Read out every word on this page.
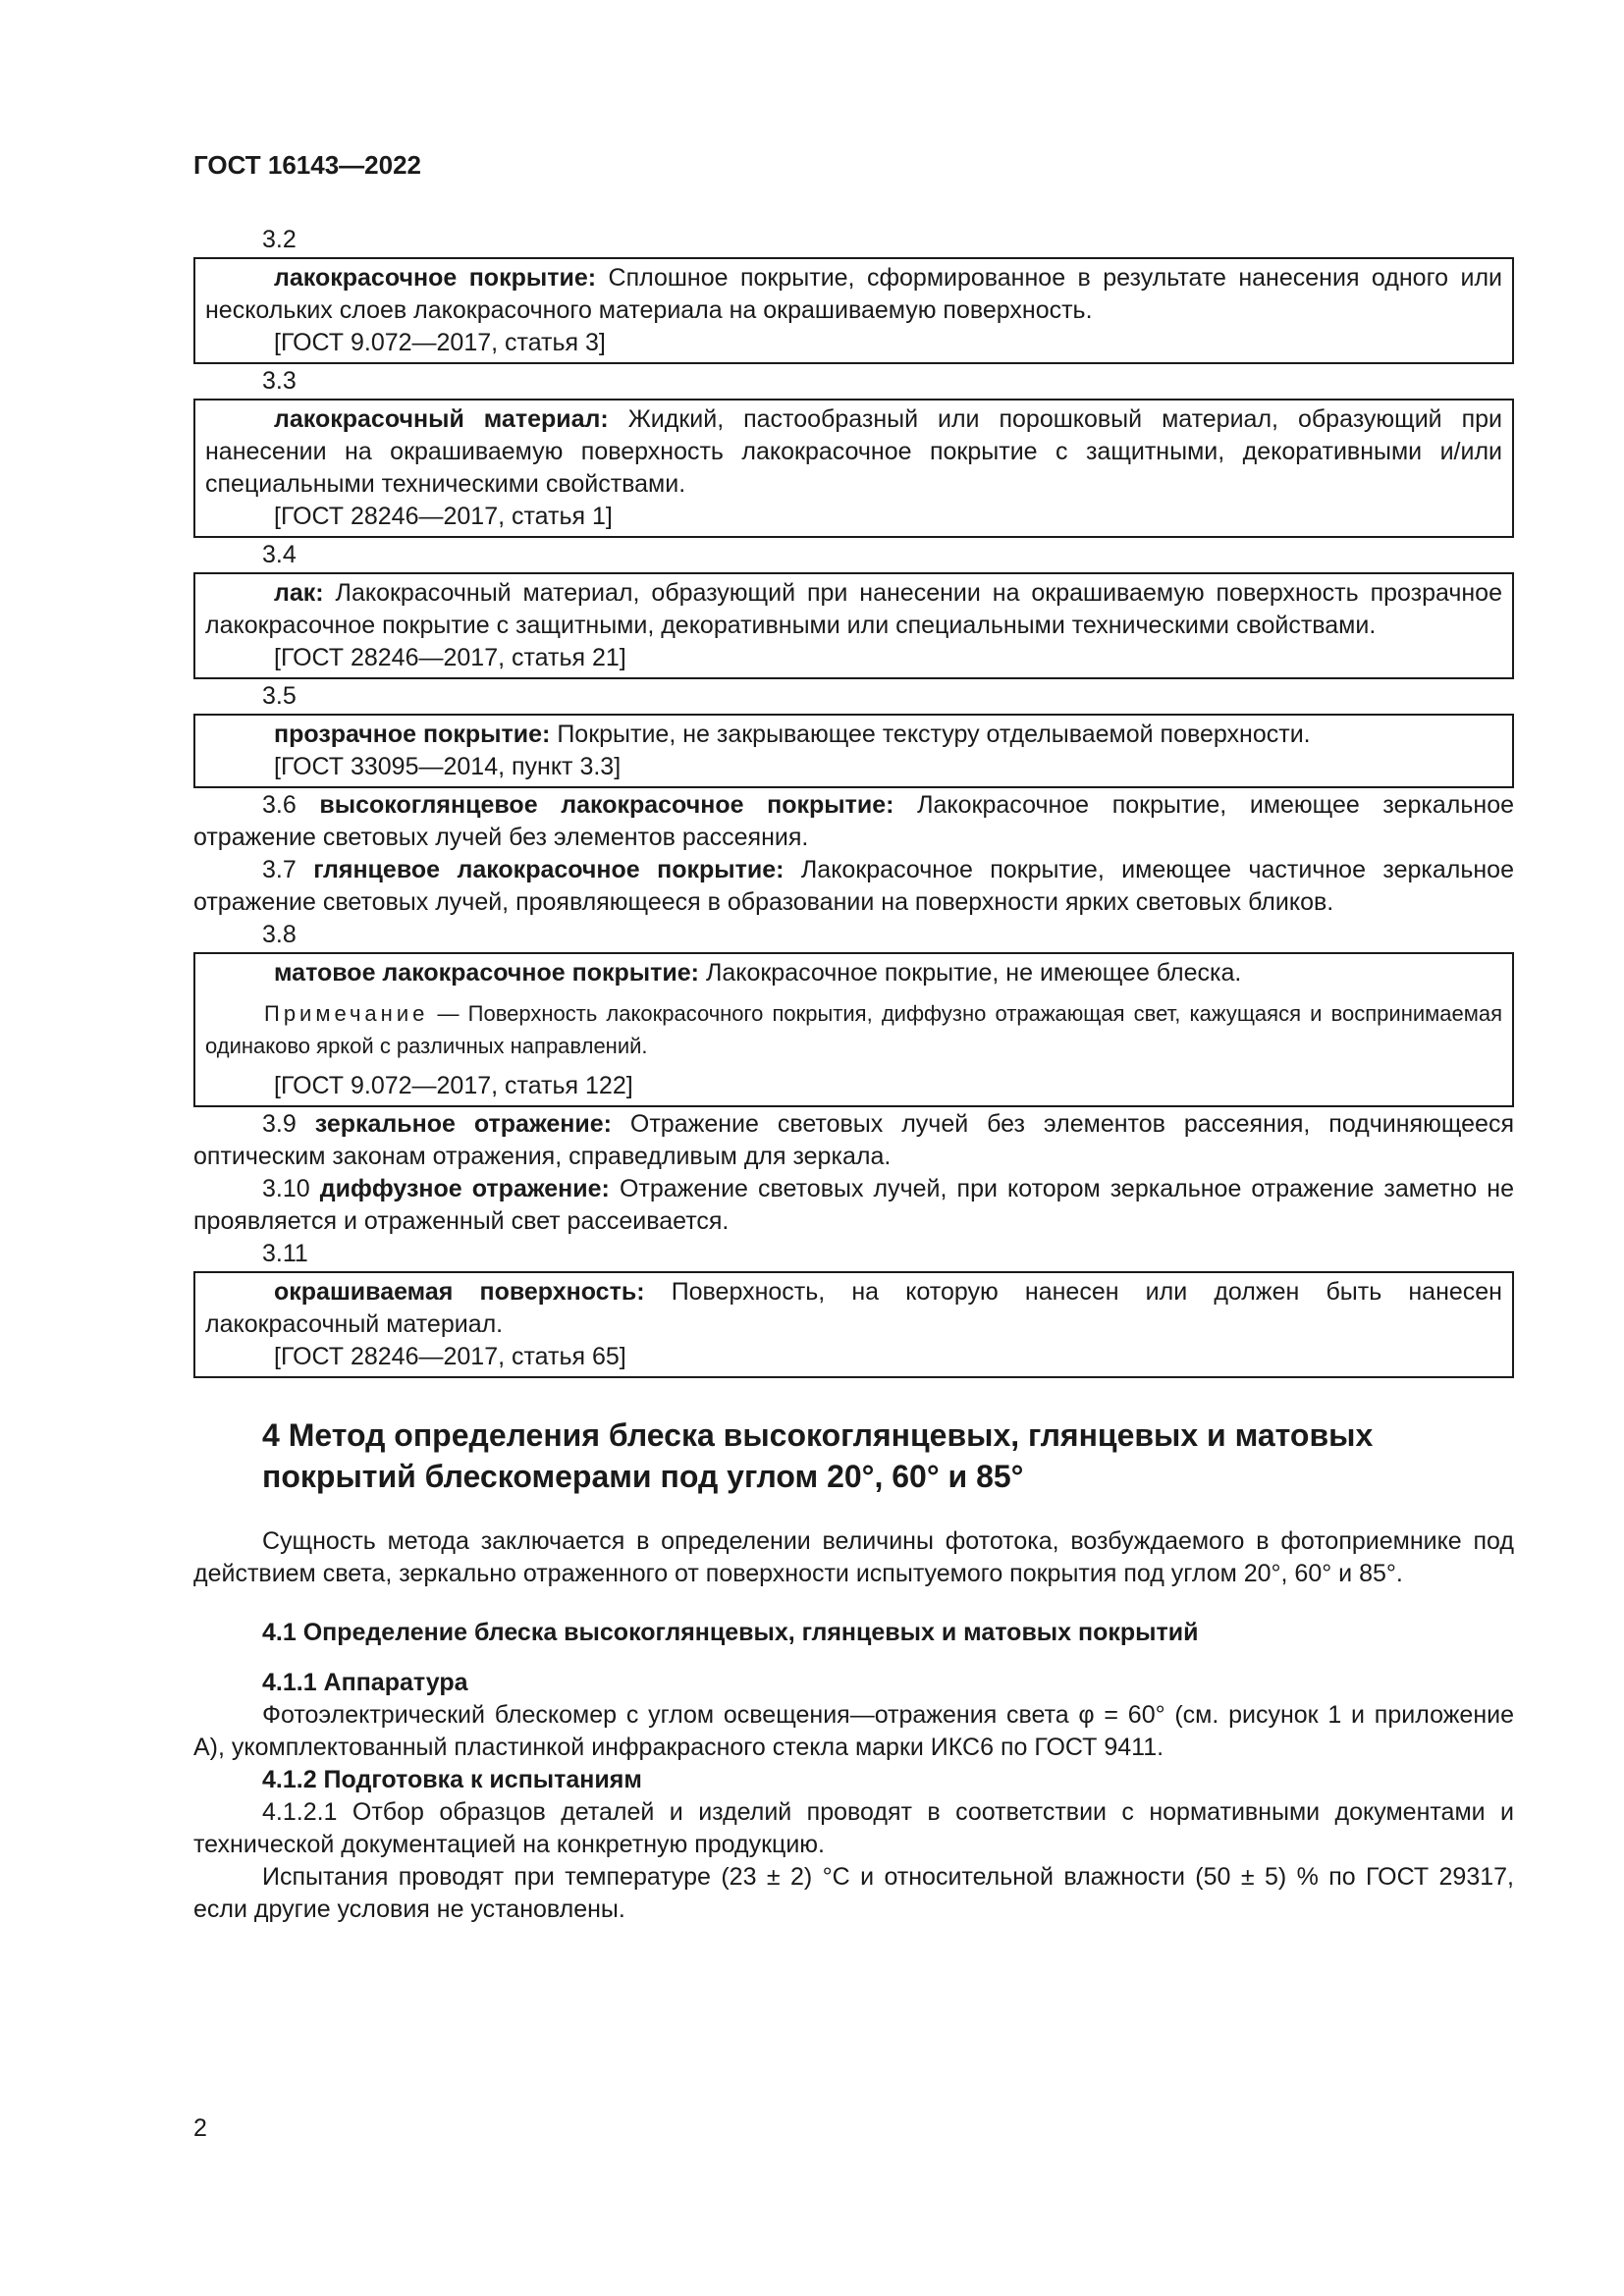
ГОСТ 16143—2022
3.2
лакокрасочное покрытие: Сплошное покрытие, сформированное в результате нанесения одного или нескольких слоев лакокрасочного материала на окрашиваемую поверхность.
[ГОСТ 9.072—2017, статья 3]
3.3
лакокрасочный материал: Жидкий, пастообразный или порошковый материал, образующий при нанесении на окрашиваемую поверхность лакокрасочное покрытие с защитными, декоративными и/или специальными техническими свойствами.
[ГОСТ 28246—2017, статья 1]
3.4
лак: Лакокрасочный материал, образующий при нанесении на окрашиваемую поверхность прозрачное лакокрасочное покрытие с защитными, декоративными или специальными техническими свойствами.
[ГОСТ 28246—2017, статья 21]
3.5
прозрачное покрытие: Покрытие, не закрывающее текстуру отделываемой поверхности.
[ГОСТ 33095—2014, пункт 3.3]
3.6 высокоглянцевое лакокрасочное покрытие: Лакокрасочное покрытие, имеющее зеркальное отражение световых лучей без элементов рассеяния.
3.7 глянцевое лакокрасочное покрытие: Лакокрасочное покрытие, имеющее частичное зеркальное отражение световых лучей, проявляющееся в образовании на поверхности ярких световых бликов.
3.8
матовое лакокрасочное покрытие: Лакокрасочное покрытие, не имеющее блеска.
Примечание — Поверхность лакокрасочного покрытия, диффузно отражающая свет, кажущаяся и воспринимаемая одинаково яркой с различных направлений.
[ГОСТ 9.072—2017, статья 122]
3.9 зеркальное отражение: Отражение световых лучей без элементов рассеяния, подчиняющееся оптическим законам отражения, справедливым для зеркала.
3.10 диффузное отражение: Отражение световых лучей, при котором зеркальное отражение заметно не проявляется и отраженный свет рассеивается.
3.11
окрашиваемая поверхность: Поверхность, на которую нанесен или должен быть нанесен лакокрасочный материал.
[ГОСТ 28246—2017, статья 65]
4 Метод определения блеска высокоглянцевых, глянцевых и матовых
покрытий блескомерами под углом 20°, 60° и 85°
Сущность метода заключается в определении величины фототока, возбуждаемого в фотоприемнике под действием света, зеркально отраженного от поверхности испытуемого покрытия под углом 20°, 60° и 85°.
4.1 Определение блеска высокоглянцевых, глянцевых и матовых покрытий
4.1.1 Аппаратура
Фотоэлектрический блескомер с углом освещения—отражения света φ = 60° (см. рисунок 1 и приложение А), укомплектованный пластинкой инфракрасного стекла марки ИКС6 по ГОСТ 9411.
4.1.2 Подготовка к испытаниям
4.1.2.1 Отбор образцов деталей и изделий проводят в соответствии с нормативными документами и технической документацией на конкретную продукцию.
Испытания проводят при температуре (23 ± 2) °С и относительной влажности (50 ± 5) % по ГОСТ 29317, если другие условия не установлены.
2
